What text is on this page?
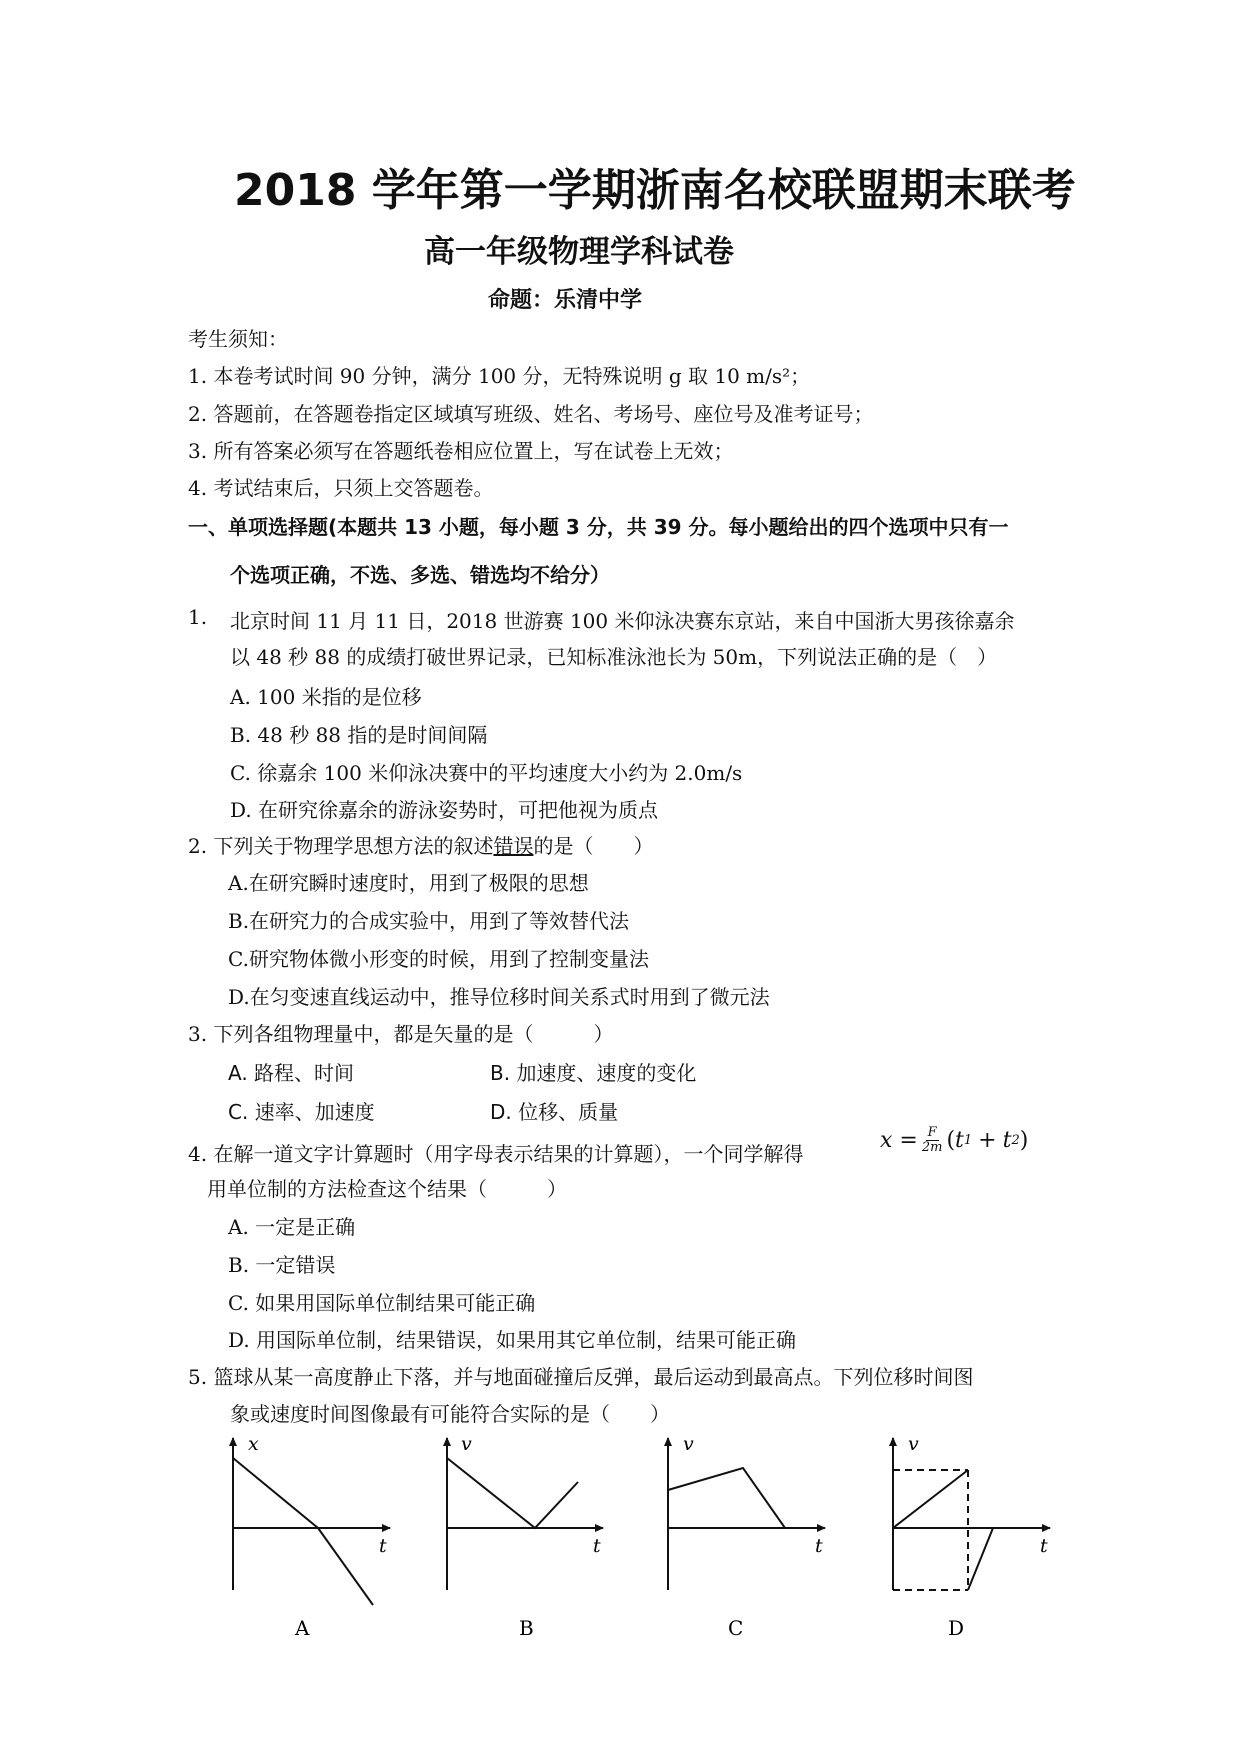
2018 学年第一学期浙南名校联盟期末联考
高一年级物理学科试卷
命题：乐清中学
考生须知：
1. 本卷考试时间 90 分钟，满分 100 分，无特殊说明 g 取 10 m/s²；
2. 答题前，在答题卷指定区域填写班级、姓名、考场号、座位号及准考证号；
3. 所有答案必须写在答题纸卷相应位置上，写在试卷上无效；
4. 考试结束后，只须上交答题卷。
一、单项选择题(本题共 13 小题，每小题 3 分，共 39 分。每小题给出的四个选项中只有一
个选项正确，不选、多选、错选均不给分）
1. 北京时间 11 月 11 日，2018 世游赛 100 米仰泳决赛东京站，来自中国浙大男孩徐嘉余
以 48 秒 88 的成绩打破世界记录，已知标准泳池长为 50m，下列说法正确的是（　）
A. 100 米指的是位移
B. 48 秒 88 指的是时间间隔
C. 徐嘉余 100 米仰泳决赛中的平均速度大小约为 2.0m/s
D. 在研究徐嘉余的游泳姿势时，可把他视为质点
2. 下列关于物理学思想方法的叙述错误的是（　　）
A.在研究瞬时速度时，用到了极限的思想
B.在研究力的合成实验中，用到了等效替代法
C.研究物体微小形变的时候，用到了控制变量法
D.在匀变速直线运动中，推导位移时间关系式时用到了微元法
3. 下列各组物理量中，都是矢量的是（　　　）
A. 路程、时间	B. 加速度、速度的变化
C. 速率、加速度	D. 位移、质量
4. 在解一道文字计算题时（用字母表示结果的计算题），一个同学解得
$x = \frac{F}{2m}$ ( t 1 + t 2 )
用单位制的方法检查这个结果（　　　）
A. 一定是正确
B. 一定错误
C. 如果用国际单位制结果可能正确
D. 用国际单位制，结果错误，如果用其它单位制，结果可能正确
5. 篮球从某一高度静止下落，并与地面碰撞后反弹，最后运动到最高点。下列位移时间图
象或速度时间图像最有可能符合实际的是（　　）
x
t
A
v
t
B
v
t
C
v
t
D
